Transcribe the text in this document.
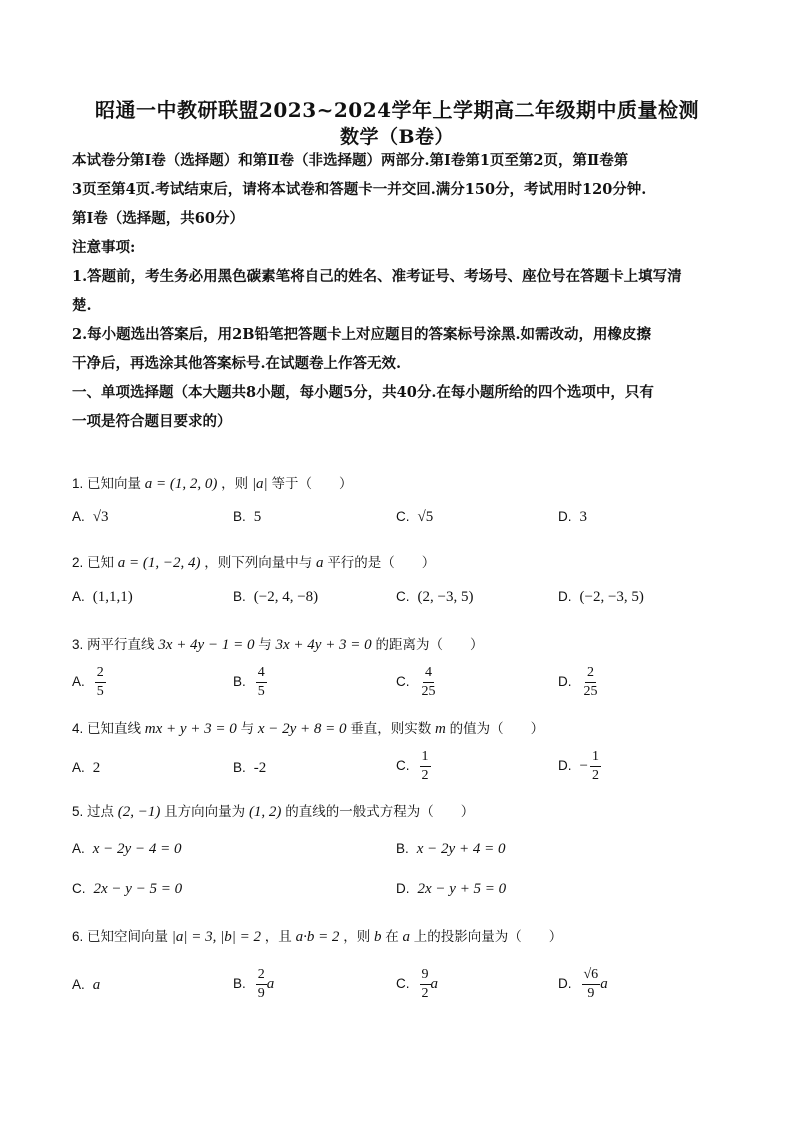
昭通一中教研联盟2023~2024学年上学期高二年级期中质量检测
数学（B卷）
本试卷分第Ⅰ卷（选择题）和第Ⅱ卷（非选择题）两部分.第Ⅰ卷第1页至第2页，第Ⅱ卷第
3页至第4页.考试结束后，请将本试卷和答题卡一并交回.满分150分，考试用时120分钟.
第Ⅰ卷（选择题，共60分）
注意事项:
1.答题前，考生务必用黑色碳素笔将自己的姓名、准考证号、考场号、座位号在答题卡上填写清
楚.
2.每小题选出答案后，用2B铅笔把答题卡上对应题目的答案标号涂黑.如需改动，用橡皮擦
干净后，再选涂其他答案标号.在试题卷上作答无效.
一、单项选择题（本大题共8小题，每小题5分，共40分.在每小题所给的四个选项中，只有
一项是符合题目要求的）
1. 已知向量 a = (1, 2, 0) ，则 |a| 等于（　　）
A. √3	B. 5	C. √5	D. 3
2. 已知 a = (1, −2, 4) ，则下列向量中与 a 平行的是（　　）
A. (1,1,1)	B. (−2, 4, −8)	C. (2, −3, 5)	D. (−2, −3, 5)
3. 两平行直线 3x + 4y − 1 = 0 与 3x + 4y + 3 = 0 的距离为（　　）
A. $\frac{2}{5}$	B. $\frac{4}{5}$	C. $\frac{4}{25}$	D. $\frac{2}{25}$
4. 已知直线 mx + y + 3 = 0 与 x − 2y + 8 = 0 垂直，则实数 m 的值为（　　）
A. 2	B. -2	C. $\frac{1}{2}$	D. − $\frac{1}{2}$
5. 过点 (2, −1) 且方向向量为 (1, 2) 的直线的一般式方程为（　　）
A. x − 2y − 4 = 0	B. x − 2y + 4 = 0
C. 2x − y − 5 = 0	D. 2x − y + 5 = 0
6. 已知空间向量 |a| = 3, |b| = 2 ，且 a·b = 2 ，则 b 在 a 上的投影向量为（　　）
A. a	B. $\frac{2}{9}$ a	C. $\frac{9}{2}$ a	D. $\frac{√6}{9}$ a
